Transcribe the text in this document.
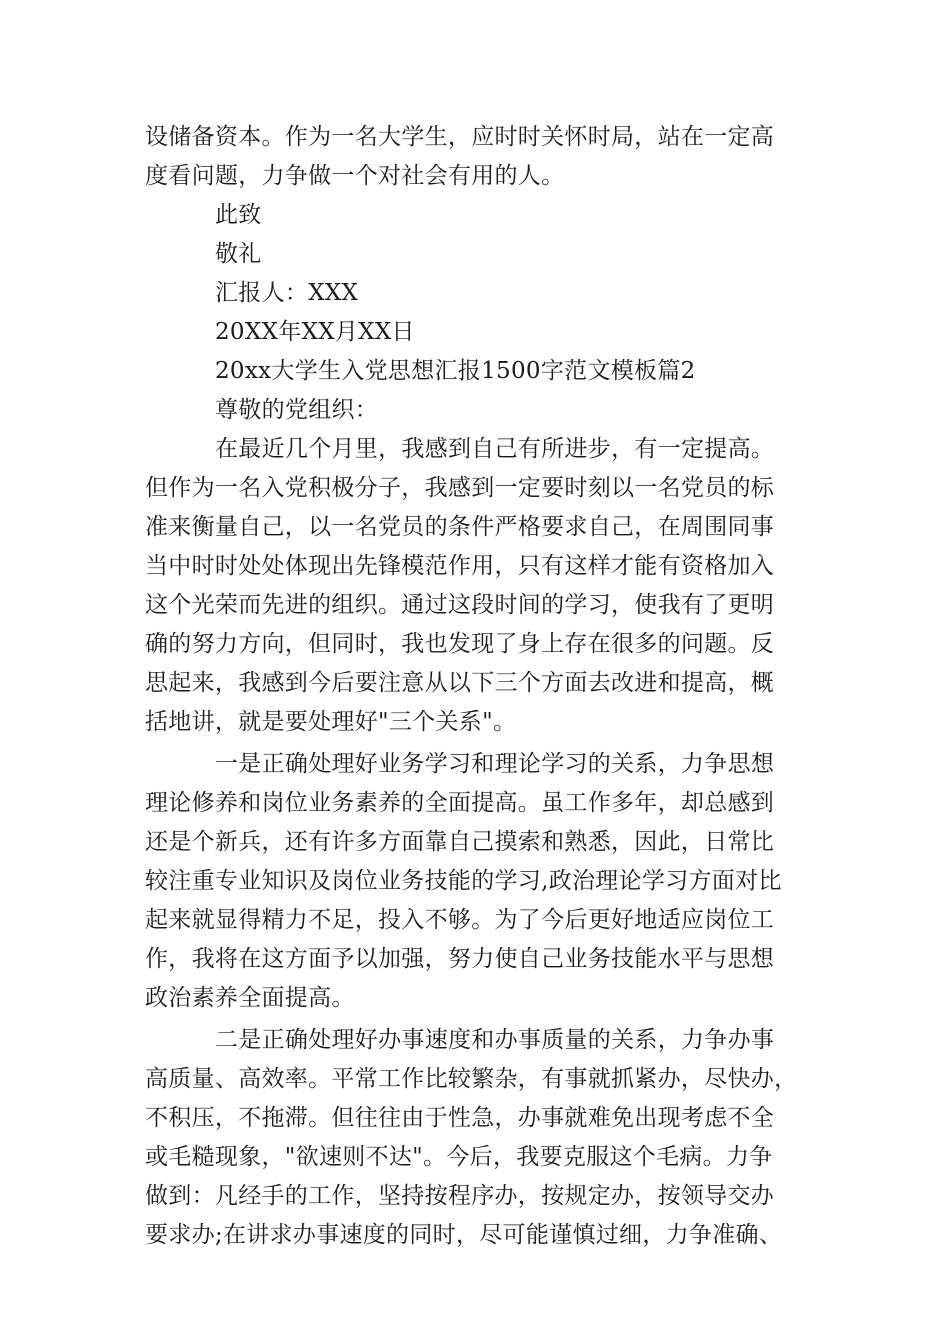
设储备资本。作为一名大学生，应时时关怀时局，站在一定高
度看问题，力争做一个对社会有用的人。
此致
敬礼
汇报人：XXX
20XX年XX月XX日
20xx大学生入党思想汇报1500字范文模板篇2
尊敬的党组织：
在最近几个月里，我感到自己有所进步，有一定提高。
但作为一名入党积极分子，我感到一定要时刻以一名党员的标
准来衡量自己，以一名党员的条件严格要求自己，在周围同事
当中时时处处体现出先锋模范作用，只有这样才能有资格加入
这个光荣而先进的组织。通过这段时间的学习，使我有了更明
确的努力方向，但同时，我也发现了身上存在很多的问题。反
思起来，我感到今后要注意从以下三个方面去改进和提高，概
括地讲，就是要处理好"三个关系"。
一是正确处理好业务学习和理论学习的关系，力争思想
理论修养和岗位业务素养的全面提高。虽工作多年，却总感到
还是个新兵，还有许多方面靠自己摸索和熟悉，因此，日常比
较注重专业知识及岗位业务技能的学习,政治理论学习方面对比
起来就显得精力不足，投入不够。为了今后更好地适应岗位工
作，我将在这方面予以加强，努力使自己业务技能水平与思想
政治素养全面提高。
二是正确处理好办事速度和办事质量的关系，力争办事
高质量、高效率。平常工作比较繁杂，有事就抓紧办，尽快办，
不积压，不拖滞。但往往由于性急，办事就难免出现考虑不全
或毛糙现象，"欲速则不达"。今后，我要克服这个毛病。力争
做到：凡经手的工作，坚持按程序办，按规定办，按领导交办
要求办;在讲求办事速度的同时，尽可能谨慎过细，力争准确、
